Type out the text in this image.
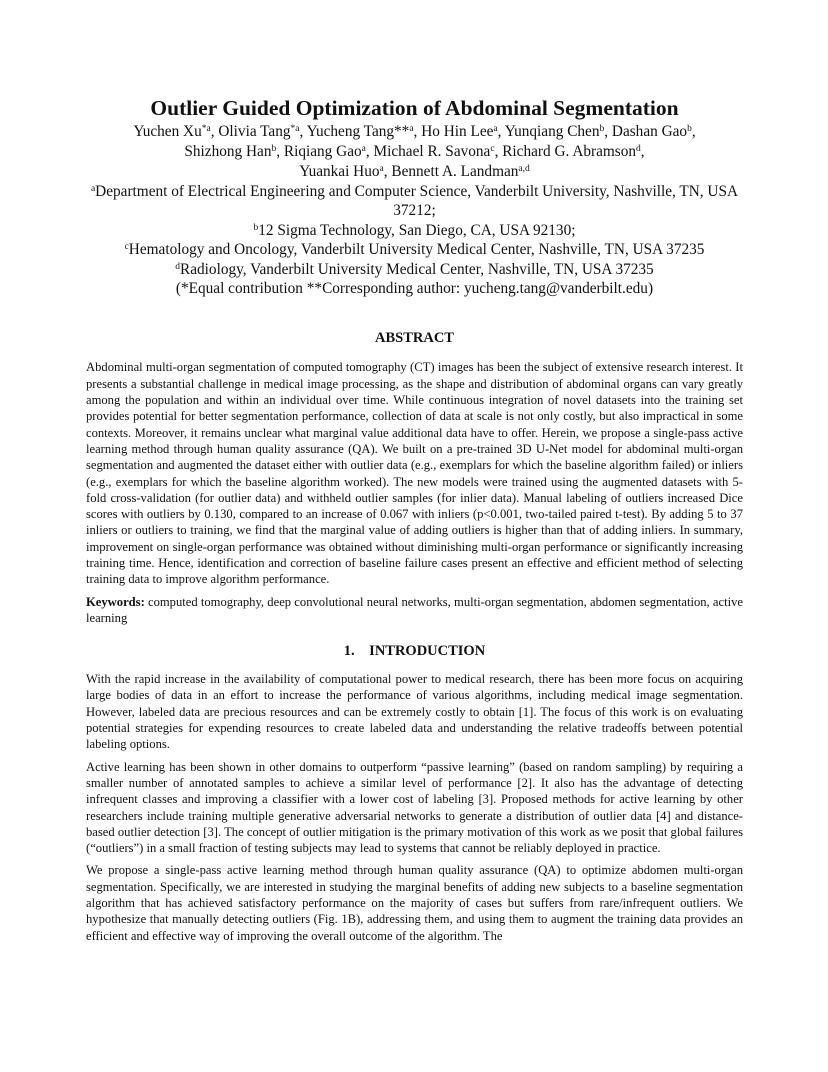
Outlier Guided Optimization of Abdominal Segmentation

Yuchen Xu$^{*a}$, Olivia Tang$^{*a}$, Yucheng Tang**$^a$, Ho Hin Lee$^a$, Yunqiang Chen$^b$, Dashan Gao$^b$,
Shizhong Han$^b$, Riqiang Gao$^a$, Michael R. Savona$^c$, Richard G. Abramson$^d$,
Yuankai Huo$^a$, Bennett A. Landman$^{a,d}$

$^a$Department of Electrical Engineering and Computer Science, Vanderbilt University, Nashville, TN, USA 37212;

$^b$12 Sigma Technology, San Diego, CA, USA 92130;

$^c$Hematology and Oncology, Vanderbilt University Medical Center, Nashville, TN, USA 37235

$^d$Radiology, Vanderbilt University Medical Center, Nashville, TN, USA 37235

(*Equal contribution **Corresponding author: yucheng.tang@vanderbilt.edu)

ABSTRACT

Abdominal multi-organ segmentation of computed tomography (CT) images has been the subject of extensive research interest. It presents a substantial challenge in medical image processing, as the shape and distribution of abdominal organs can vary greatly among the population and within an individual over time. While continuous integration of novel datasets into the training set provides potential for better segmentation performance, collection of data at scale is not only costly, but also impractical in some contexts. Moreover, it remains unclear what marginal value additional data have to offer. Herein, we propose a single-pass active learning method through human quality assurance (QA). We built on a pre-trained 3D U-Net model for abdominal multi-organ segmentation and augmented the dataset either with outlier data (e.g., exemplars for which the baseline algorithm failed) or inliers (e.g., exemplars for which the baseline algorithm worked). The new models were trained using the augmented datasets with 5-fold cross-validation (for outlier data) and withheld outlier samples (for inlier data). Manual labeling of outliers increased Dice scores with outliers by 0.130, compared to an increase of 0.067 with inliers (p<0.001, two-tailed paired t-test). By adding 5 to 37 inliers or outliers to training, we find that the marginal value of adding outliers is higher than that of adding inliers. In summary, improvement on single-organ performance was obtained without diminishing multi-organ performance or significantly increasing training time. Hence, identification and correction of baseline failure cases present an effective and efficient method of selecting training data to improve algorithm performance.

Keywords: computed tomography, deep convolutional neural networks, multi-organ segmentation, abdomen segmentation, active learning

1.    INTRODUCTION

With the rapid increase in the availability of computational power to medical research, there has been more focus on acquiring large bodies of data in an effort to increase the performance of various algorithms, including medical image segmentation. However, labeled data are precious resources and can be extremely costly to obtain [1]. The focus of this work is on evaluating potential strategies for expending resources to create labeled data and understanding the relative tradeoffs between potential labeling options.

Active learning has been shown in other domains to outperform “passive learning” (based on random sampling) by requiring a smaller number of annotated samples to achieve a similar level of performance [2]. It also has the advantage of detecting infrequent classes and improving a classifier with a lower cost of labeling [3]. Proposed methods for active learning by other researchers include training multiple generative adversarial networks to generate a distribution of outlier data [4] and distance-based outlier detection [3]. The concept of outlier mitigation is the primary motivation of this work as we posit that global failures (“outliers”) in a small fraction of testing subjects may lead to systems that cannot be reliably deployed in practice.

We propose a single-pass active learning method through human quality assurance (QA) to optimize abdomen multi-organ segmentation. Specifically, we are interested in studying the marginal benefits of adding new subjects to a baseline segmentation algorithm that has achieved satisfactory performance on the majority of cases but suffers from rare/infrequent outliers. We hypothesize that manually detecting outliers (Fig. 1B), addressing them, and using them to augment the training data provides an efficient and effective way of improving the overall outcome of the algorithm. The
